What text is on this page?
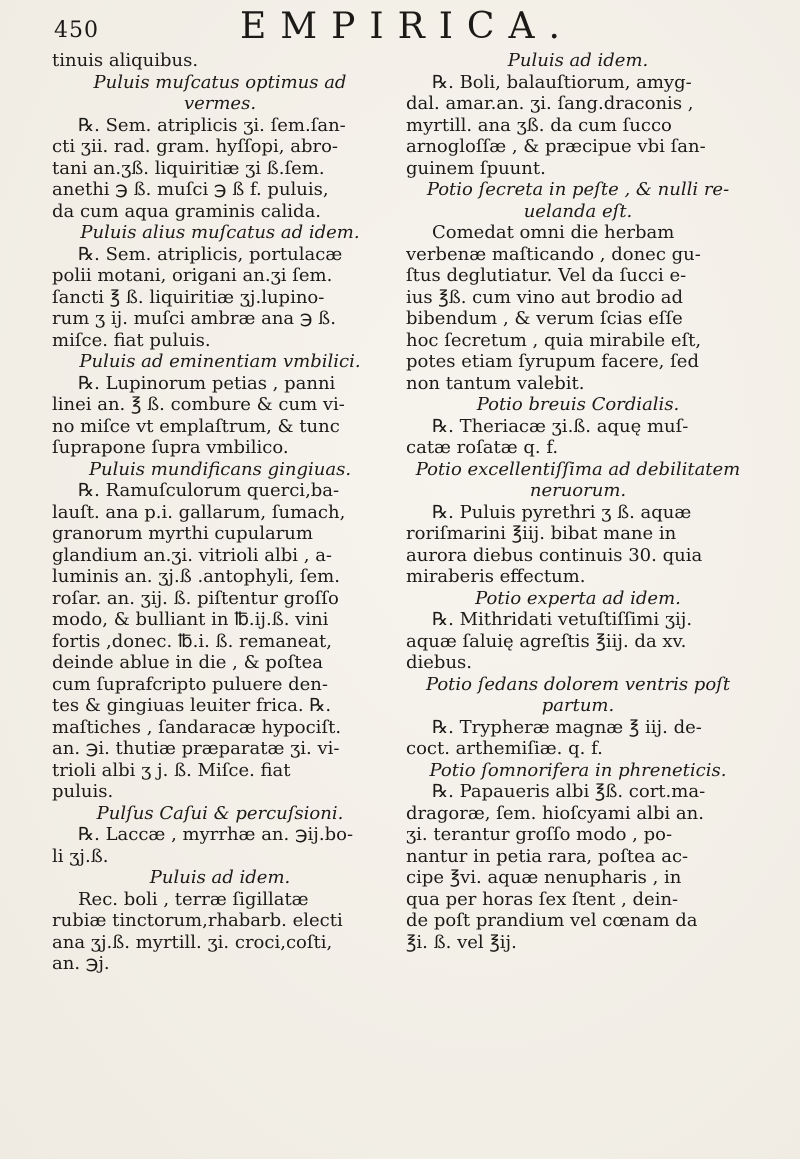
450	EMPIRICA.
tinuis aliquibus.
Puluis muſcatus optimus ad
vermes.
℞. Sem. atriplicis ʒi. ſem.ſan-
cti ʒii. rad. gram. hyſſopi, abro-
tani an.ʒß. liquiritiæ ʒi ß.ſem.
anethi ℈ ß. muſci ℈ ß f. puluis,
da cum aqua graminis calida.
Puluis alius muſcatus ad idem.
℞. Sem. atriplicis, portulacæ
polii motani, origani an.ʒi ſem.
ſancti ℥ ß. liquiritiæ ʒj.lupino-
rum ʒ ij. muſci ambræ ana ℈ ß.
miſce. fiat puluis.
Puluis ad eminentiam vmbilici.
℞. Lupinorum petias , panni
linei an. ℥ ß. combure & cum vi-
no miſce vt emplaſtrum, & tunc
ſuprapone ſupra vmbilico.
Puluis mundificans gingiuas.
℞. Ramuſculorum querci,ba-
lauſt. ana p.i. gallarum, ſumach,
granorum myrthi cupularum
glandium an.ʒi. vitrioli albi , a-
luminis an. ʒj.ß .antophyli, ſem.
roſar. an. ʒij. ß. piſtentur groſſo
modo, & bulliant in ℔.ij.ß. vini
fortis ,donec. ℔.i. ß. remaneat,
deinde ablue in die , & poſtea
cum ſuprafcripto puluere den-
tes & gingiuas leuiter frica. ℞.
maſtiches , ſandaracæ hypociſt.
an. ℈i. thutiæ præparatæ ʒi. vi-
trioli albi ʒ j. ß. Miſce. fiat
puluis.
Pulſus Caſui & percuſsioni.
℞. Laccæ , myrrhæ an. ℈ij.bo-
li ʒj.ß.
Puluis ad idem.
Rec. boli , terræ ſigillatæ
rubiæ tinctorum,rhabarb. electi
ana ʒj.ß. myrtill. ʒi. croci,coſti,
an. ℈j.
Puluis ad idem.
℞. Boli, balauſtiorum, amyg-
dal. amar.an. ʒi. ſang.draconis ,
myrtill. ana ʒß. da cum ſucco
arnogloſſæ , & præcipue vbi ſan-
guinem ſpuunt.
Potio ſecreta in peſte , & nulli re-
uelanda eſt.
Comedat omni die herbam
verbenæ maſticando , donec gu-
ſtus deglutiatur. Vel da ſucci e-
ius ℥ß. cum vino aut brodio ad
bibendum , & verum ſcias eſſe
hoc ſecretum , quia mirabile eſt,
potes etiam ſyrupum facere, ſed
non tantum valebit.
Potio breuis Cordialis.
℞. Theriacæ ʒi.ß. aquę muſ-
catæ roſatæ q. f.
Potio excellentiſſima ad debilitatem
neruorum.
℞. Puluis pyrethri ʒ ß. aquæ
roriſmarini ℥iij. bibat mane in
aurora diebus continuis 30. quia
miraberis effectum.
Potio experta ad idem.
℞. Mithridati vetuſtiſſimi ʒij.
aquæ ſaluię agreſtis ℥iij. da xv.
diebus.
Potio ſedans dolorem ventris poſt
partum.
℞. Trypheræ magnæ ℥ iij. de-
coct. arthemiſiæ. q. f.
Potio ſomnorifera in phreneticis.
℞. Papaueris albi ℥ß. cort.ma-
dragoræ, ſem. hioſcyami albi an.
ʒi. terantur groſſo modo , po-
nantur in petia rara, poſtea ac-
cipe ℥vi. aquæ nenupharis , in
qua per horas ſex ſtent , dein-
de poſt prandium vel cœnam da
℥i. ß. vel ℥ij.
